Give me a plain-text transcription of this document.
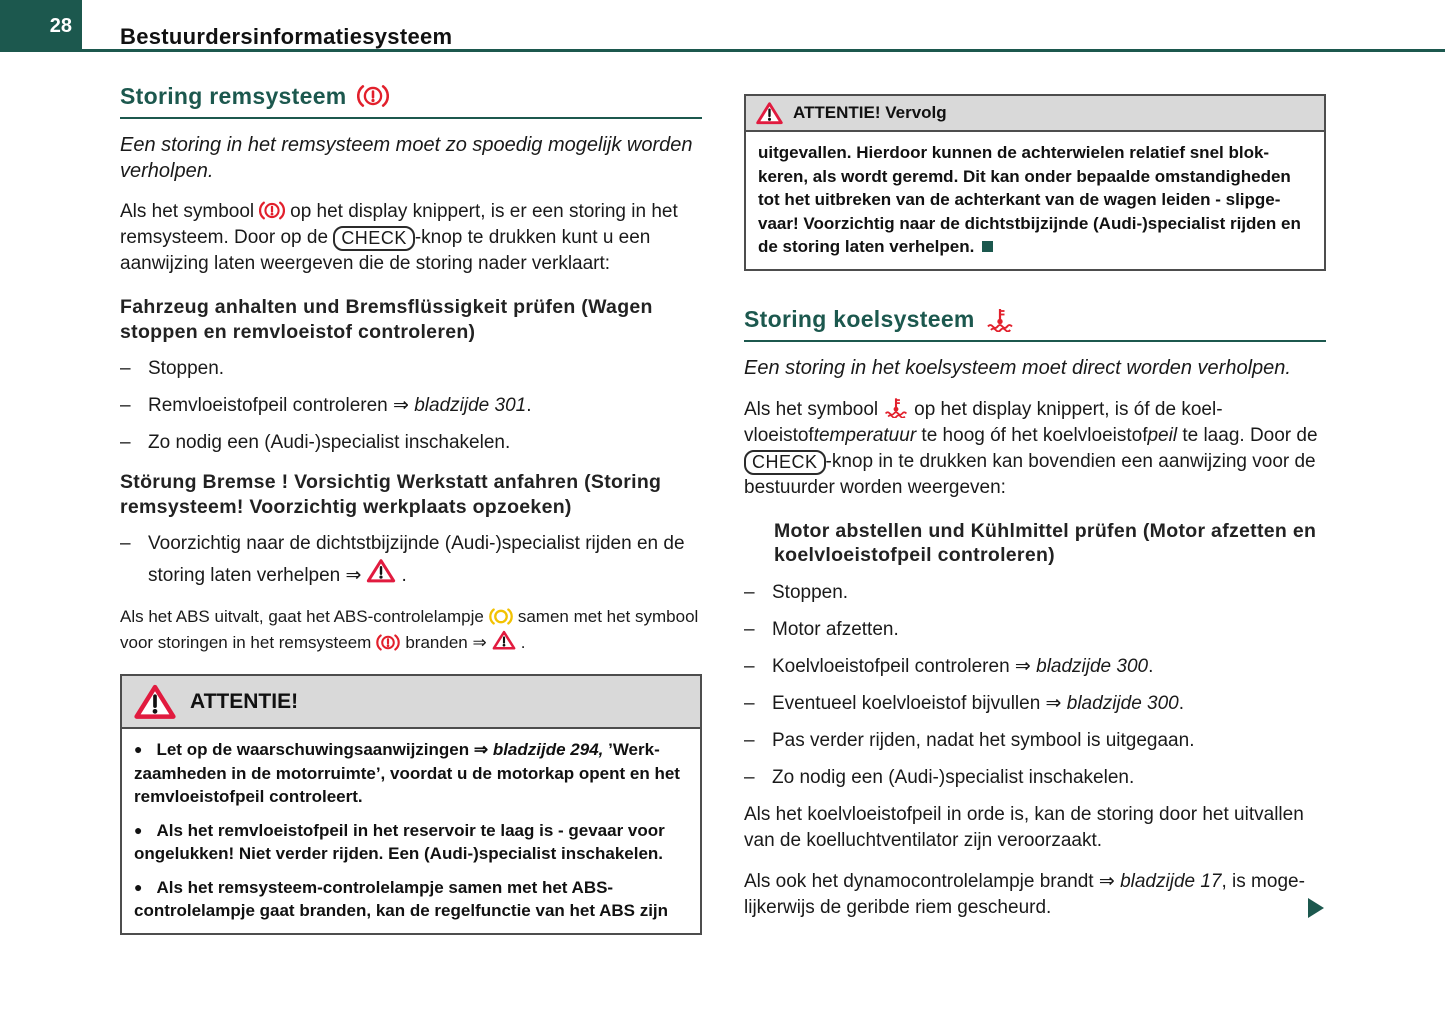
28 Bestuurdersinformatiesysteem
Storing remsysteem

Een storing in het remsysteem moet zo spoedig mogelijk worden verholpen.

Als het symbool op het display knippert, is er een storing in het remsysteem. Door op de CHECK -knop te drukken kunt u een aanwijzing laten weergeven die de storing nader verklaart:

Fahrzeug anhalten und Bremsflüssigkeit prüfen (Wagen stoppen en remvloeistof controleren)

– Stoppen.
– Remvloeistofpeil controleren ⇒ bladzijde 301.
– Zo nodig een (Audi-)specialist inschakelen.

Störung Bremse ! Vorsichtig Werkstatt anfahren (Storing remsysteem! Voorzichtig werkplaats opzoeken)

– Voorzichtig naar de dichtstbijzijnde (Audi-)specialist rijden en de storing laten verhelpen ⇒ .

Als het ABS uitvalt, gaat het ABS-controlelampje samen met het symbool voor storingen in het remsysteem branden ⇒ .

ATTENTIE!

● Let op de waarschuwingsaanwijzingen ⇒ bladzijde 294, ’Werk-zaamheden in de motorruimte’, voordat u de motorkap opent en het remvloeistofpeil controleert.

● Als het remvloeistofpeil in het reservoir te laag is - gevaar voor ongelukken! Niet verder rijden. Een (Audi-)specialist inschakelen.

● Als het remsysteem-controlelampje samen met het ABS-controlelampje gaat branden, kan de regelfunctie van het ABS zijn

ATTENTIE! Vervolg

uitgevallen. Hierdoor kunnen de achterwielen relatief snel blok-keren, als wordt geremd. Dit kan onder bepaalde omstandigheden tot het uitbreken van de achterkant van de wagen leiden - slipge-vaar! Voorzichtig naar de dichtstbijzijnde (Audi-)specialist rijden en de storing laten verhelpen.

Storing koelsysteem

Een storing in het koelsysteem moet direct worden verholpen.

Als het symbool op het display knippert, is óf de koel-vloeistoftemperatuur te hoog óf het koelvloeistofpeil te laag. Door de CHECK -knop in te drukken kan bovendien een aanwijzing voor de bestuurder worden weergeven:

Motor abstellen und Kühlmittel prüfen (Motor afzetten en koelvloeistofpeil controleren)

– Stoppen.
– Motor afzetten.
– Koelvloeistofpeil controleren ⇒ bladzijde 300.
– Eventueel koelvloeistof bijvullen ⇒ bladzijde 300.
– Pas verder rijden, nadat het symbool is uitgegaan.
– Zo nodig een (Audi-)specialist inschakelen.

Als het koelvloeistofpeil in orde is, kan de storing door het uitvallen van de koelluchtventilator zijn veroorzaakt.

Als ook het dynamocontrolelampje brandt ⇒ bladzijde 17, is moge-lijkerwijs de geribde riem gescheurd.
